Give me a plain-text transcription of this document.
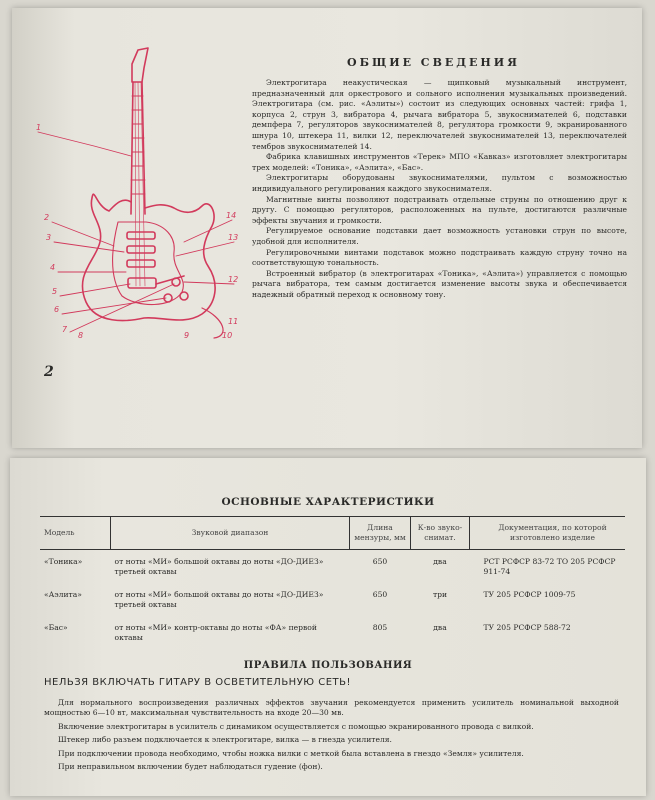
1
2
3
4
5
6
7
8	9	10
11
12
13
14
ОБЩИЕ СВЕДЕНИЯ

Электрогитара неакустическая — щипковый музыкальный инструмент, предназначенный для оркестрового и сольного исполнения музыкальных произведений. Электрогитара (см. рис. «Аэлиты») состоит из следующих основных частей: грифа 1, корпуса 2, струн 3, вибратора 4, рычага вибратора 5, звукоснимателей 6, подставки демпфера 7, регуляторов звукоснимателей 8, регулятора громкости 9, экранированного шнура 10, штекера 11, вилки 12, переключателей звукоснимателей 13, переключателей тембров звукоснимателей 14.

Фабрика клавишных инструментов «Терек» МПО «Кавказ» изготовляет электрогитары трех моделей: «Тоника», «Аэлита», «Бас».

Электрогитары оборудованы звукоснимателями, пультом с возможностью индивидуального регулирования каждого звукоснимателя.

Магнитные винты позволяют подстраивать отдельные струны по отношению друг к другу. С помощью регуляторов, расположенных на пульте, достигаются различные эффекты звучания и громкости.

Регулируемое основание подставки дает возможность установки струн по высоте, удобной для исполнителя.

Регулировочными винтами подставок можно подстраивать каждую струну точно на соответствующую тональность.

Встроенный вибратор (в электрогитарах «Тоника», «Аэлита») управляется с помощью рычага вибратора, тем самым достигается изменение высоты звука и обеспечивается надежный обратный переход к основному тону.

2
ОСНОВНЫЕ ХАРАКТЕРИСТИКИ
Модель	Звуковой диапазон	Длина мензуры, мм	К-во звуко-снимат.	Документация, по которой изготовлено изделие
«Тоника»	от ноты «МИ» большой октавы до ноты «ДО-ДИЕЗ» третьей октавы	650	два	РСТ РСФСР 83-72 ТО 205 РСФСР 911-74
«Аэлита»	от ноты «МИ» большой октавы до ноты «ДО-ДИЕЗ» третьей октавы	650	три	ТУ 205 РСФСР 1009-75
«Бас»	от ноты «МИ» контр-октавы до ноты «ФА» первой октавы	805	два	ТУ 205 РСФСР 588-72
ПРАВИЛА ПОЛЬЗОВАНИЯ
НЕЛЬЗЯ ВКЛЮЧАТЬ ГИТАРУ В ОСВЕТИТЕЛЬНУЮ СЕТЬ!

Для нормального воспроизведения различных эффектов звучания рекомендуется применить усилитель номинальной выходной мощностью 6—10 вт, максимальная чувствительность на входе 20—30 мв.

Включение электрогитары в усилитель с динамиком осуществляется с помощью экранированного провода с вилкой.

Штекер либо разъем подключается к электрогитаре, вилка — в гнезда усилителя.

При подключении провода необходимо, чтобы ножка вилки с меткой была вставлена в гнездо «Земля» усилителя.

При неправильном включении будет наблюдаться гудение (фон).
